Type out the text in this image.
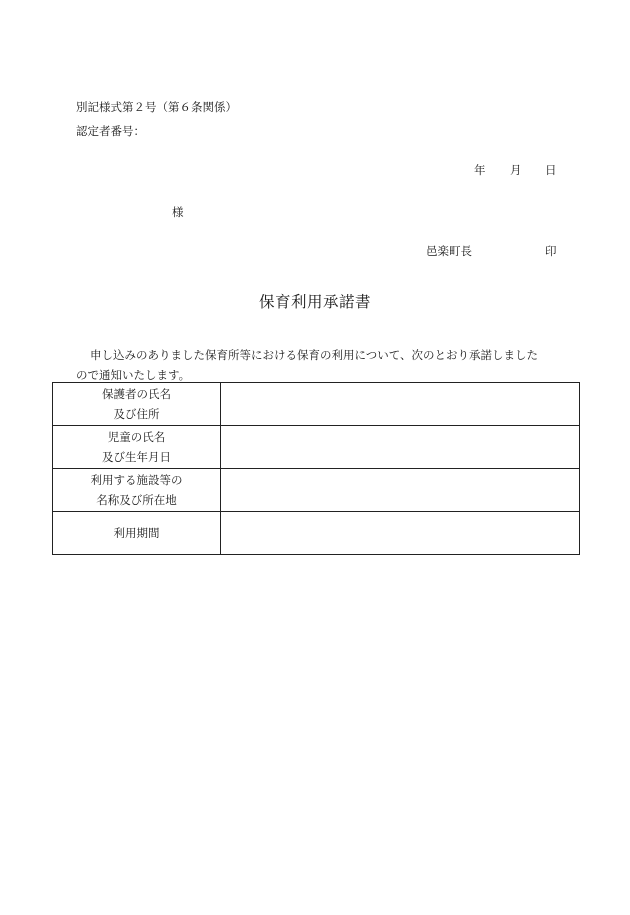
別記様式第２号（第６条関係）
認定者番号：
年 月 日
様
邑楽町長	印
保育利用承諾書
申し込みのありました保育所等における保育の利用について、次のとおり承諾しました
ので通知いたします。
保護者の氏名
及び住所	

児童の氏名
及び生年月日	

利用する施設等の
名称及び所在地	

利用期間	
